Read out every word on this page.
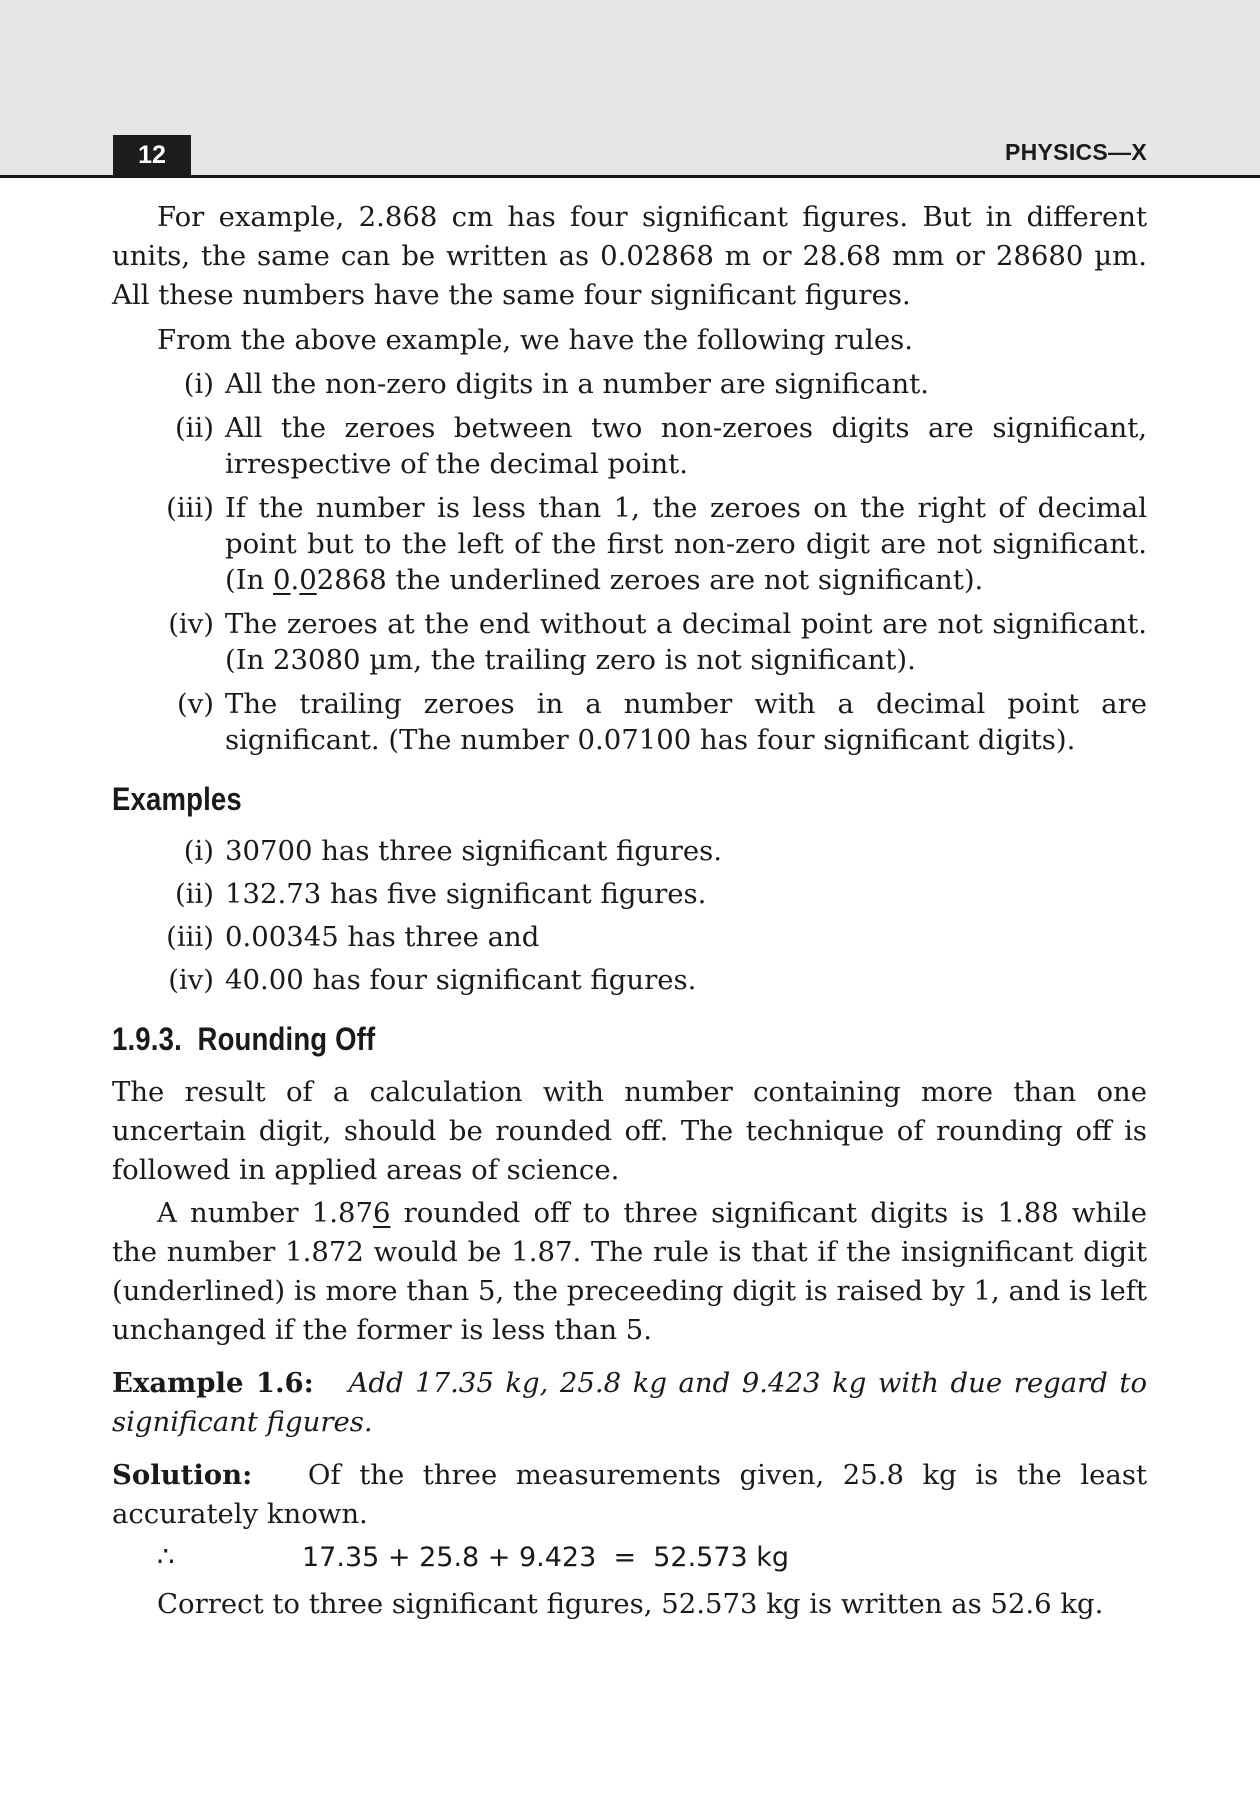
12	PHYSICS—X

For example, 2.868 cm has four significant figures. But in different units, the same can be written as 0.02868 m or 28.68 mm or 28680 µm. All these numbers have the same four significant figures.

From the above example, we have the following rules.

(i) All the non-zero digits in a number are significant.
(ii) All the zeroes between two non-zeroes digits are significant, irrespective of the decimal point.
(iii) If the number is less than 1, the zeroes on the right of decimal point but to the left of the first non-zero digit are not significant. (In 0.02868 the underlined zeroes are not significant).
(iv) The zeroes at the end without a decimal point are not significant. (In 23080 µm, the trailing zero is not significant).
(v) The trailing zeroes in a number with a decimal point are significant. (The number 0.07100 has four significant digits).
Examples
(i) 30700 has three significant figures.
(ii) 132.73 has five significant figures.
(iii) 0.00345 has three and
(iv) 40.00 has four significant figures.
1.9.3.  Rounding Off

The result of a calculation with number containing more than one uncertain digit, should be rounded off. The technique of rounding off is followed in applied areas of science.

A number 1.876 rounded off to three significant digits is 1.88 while the number 1.872 would be 1.87. The rule is that if the insignificant digit (underlined) is more than 5, the preceeding digit is raised by 1, and is left unchanged if the former is less than 5.

Example 1.6: Add 17.35 kg, 25.8 kg and 9.423 kg with due regard to significant figures.

Solution: Of the three measurements given, 25.8 kg is the least accurately known.

∴	17.35 + 25.8 + 9.423  =  52.573 kg

Correct to three significant figures, 52.573 kg is written as 52.6 kg.
